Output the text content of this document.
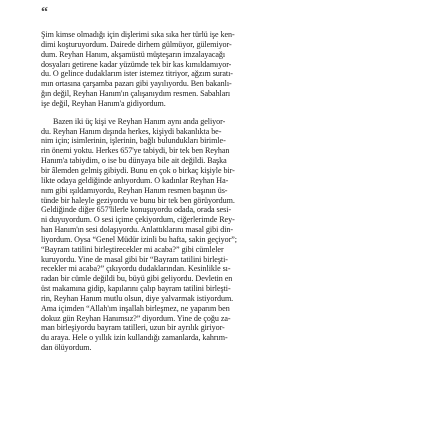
“

Şim kimse olmadığı için dişlerimi sıka sıka her türlü işe ken-
dimi koşturuyordum. Dairede dirhem gülmüyor, gülemiyor-
dum. Reyhan Hanım, akşamüstü müşteşarın imzalayacağı
dosyaları getirene kadar yüzümde tek bir kas kımıldamıyor-
du. O gelince dudaklarım ister istemez titriyor, ağzım suratı-
mın ortasına çarşamba pazarı gibi yayılıyordu. Ben bakanlı-
ğın değil, Reyhan Hanım'ın çalışanıydım resmen. Sabahları
işe değil, Reyhan Hanım'a gidiyordum.

Bazen iki üç kişi ve Reyhan Hanım aynı anda geliyor-
du. Reyhan Hanım dışında herkes, kişiydi bakanlıkta be-
nim için; isimlerinin, işlerinin, bağlı bulundukları birimle-
rin önemi yoktu. Herkes 657'ye tabiydi, bir tek ben Reyhan
Hanım'a tabiydim, o ise bu dünyaya bile ait değildi. Başka
bir âlemden gelmiş gibiydi. Bunu en çok o birkaç kişiyle bir-
likte odaya geldiğinde anlıyordum. O kadınlar Reyhan Ha-
nım gibi ışıldamıyordu, Reyhan Hanım resmen başının üs-
tünde bir haleyle geziyordu ve bunu bir tek ben görüyordum.
Geldiğinde diğer 657'lilerle konuşuyordu odada, orada sesi-
ni duyuyordum. O sesi içime çekiyordum, ciğerlerimde Rey-
han Hanım'ın sesi dolaşıyordu. Anlattıklarını masal gibi din-
liyordum. Oysa “Genel Müdür izinli bu hafta, sakin geçiyor”;
“Bayram tatilini birleştirecekler mi acaba?” gibi cümleler
kuruyordu. Yine de masal gibi bir “Bayram tatilini birleşti-
recekler mi acaba?” çıkıyordu dudaklarından. Kesinlikle sı-
radan bir cümle değildi bu, büyü gibi geliyordu. Devletin en
üst makamına gidip, kapılarını çalıp bayram tatilini birleşti-
rin, Reyhan Hanım mutlu olsun, diye yalvarmak istiyordum.
Ama içimden “Allah'ım inşallah birleşmez, ne yaparım ben
dokuz gün Reyhan Hanımsız?” diyordum. Yine de çoğu za-
man birleşiyordu bayram tatilleri, uzun bir ayrılık giriyor-
du araya. Hele o yıllık izin kullandığı zamanlarda, kahrım-
dan ölüyordum.
